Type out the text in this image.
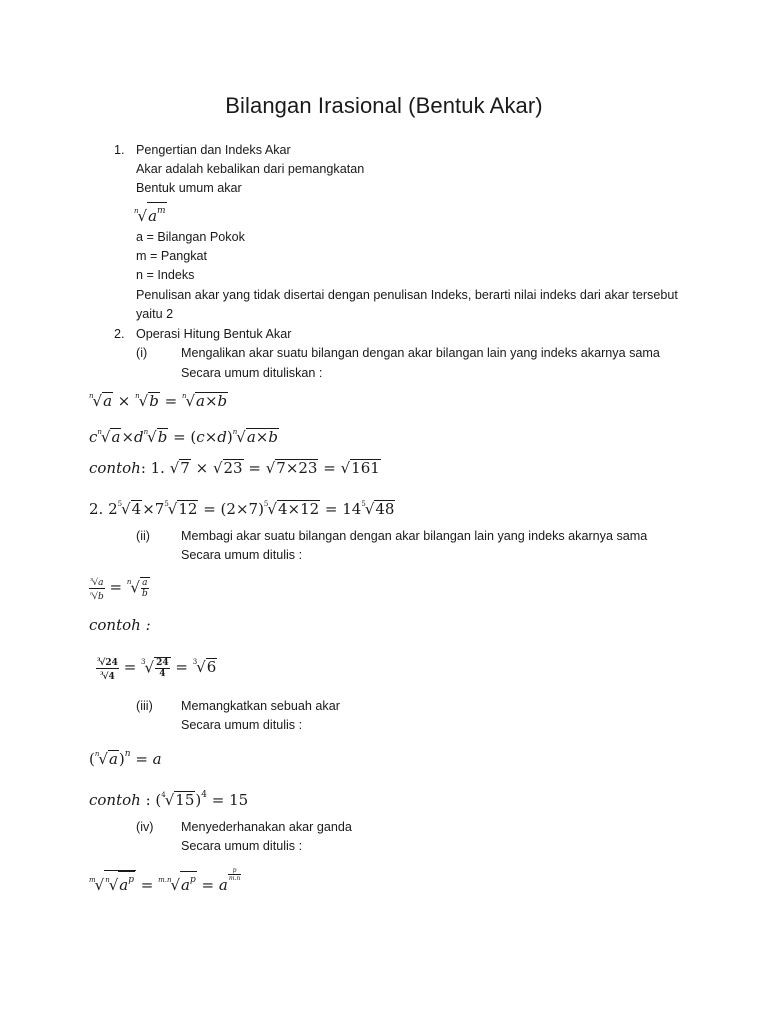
Bilangan Irasional (Bentuk Akar)
1. Pengertian dan Indeks Akar
Akar adalah kebalikan dari pemangkatan
Bentuk umum akar
$^n√a^m$
a = Bilangan Pokok
m = Pangkat
n = Indeks
Penulisan akar yang tidak disertai dengan penulisan Indeks, berarti nilai indeks dari akar tersebut
yaitu 2
2. Operasi Hitung Bentuk Akar
(i)	Mengalikan akar suatu bilangan dengan akar bilangan lain yang indeks akarnya sama
Secara umum dituliskan :
$^n$√a × $^n$√b = $^n$√a×b
$c^n√a\times d^n√b = (c\times d)^n√a\times b$
contoh: 1. √7 × √23 = √7×23 = √161
2. $2^5√4\times 7^5√12 = (2\times 7)^5√4\times 12 = 14^5√48$
(ii) Membagi akar suatu bilangan dengan akar bilangan lain yang indeks akarnya sama
Secara umum ditulis :
$\frac{^n√a}{^n√b} = ^n√ \frac{a}{b}$
contoh :
$\frac{^3√24}{^3√4} = ^3√ \frac{24}{4} = ^3√6$
(iii) Memangkatkan sebuah akar
Secara umum ditulis :
$(^n√a)^n = a$
contoh : $(^4√15)^4 = 15$
(iv) Menyederhanakan akar ganda
Secara umum ditulis :
$^m√^n√a^p = ^{m.n}√a^p = a$
$\frac{p}{m.n}$
